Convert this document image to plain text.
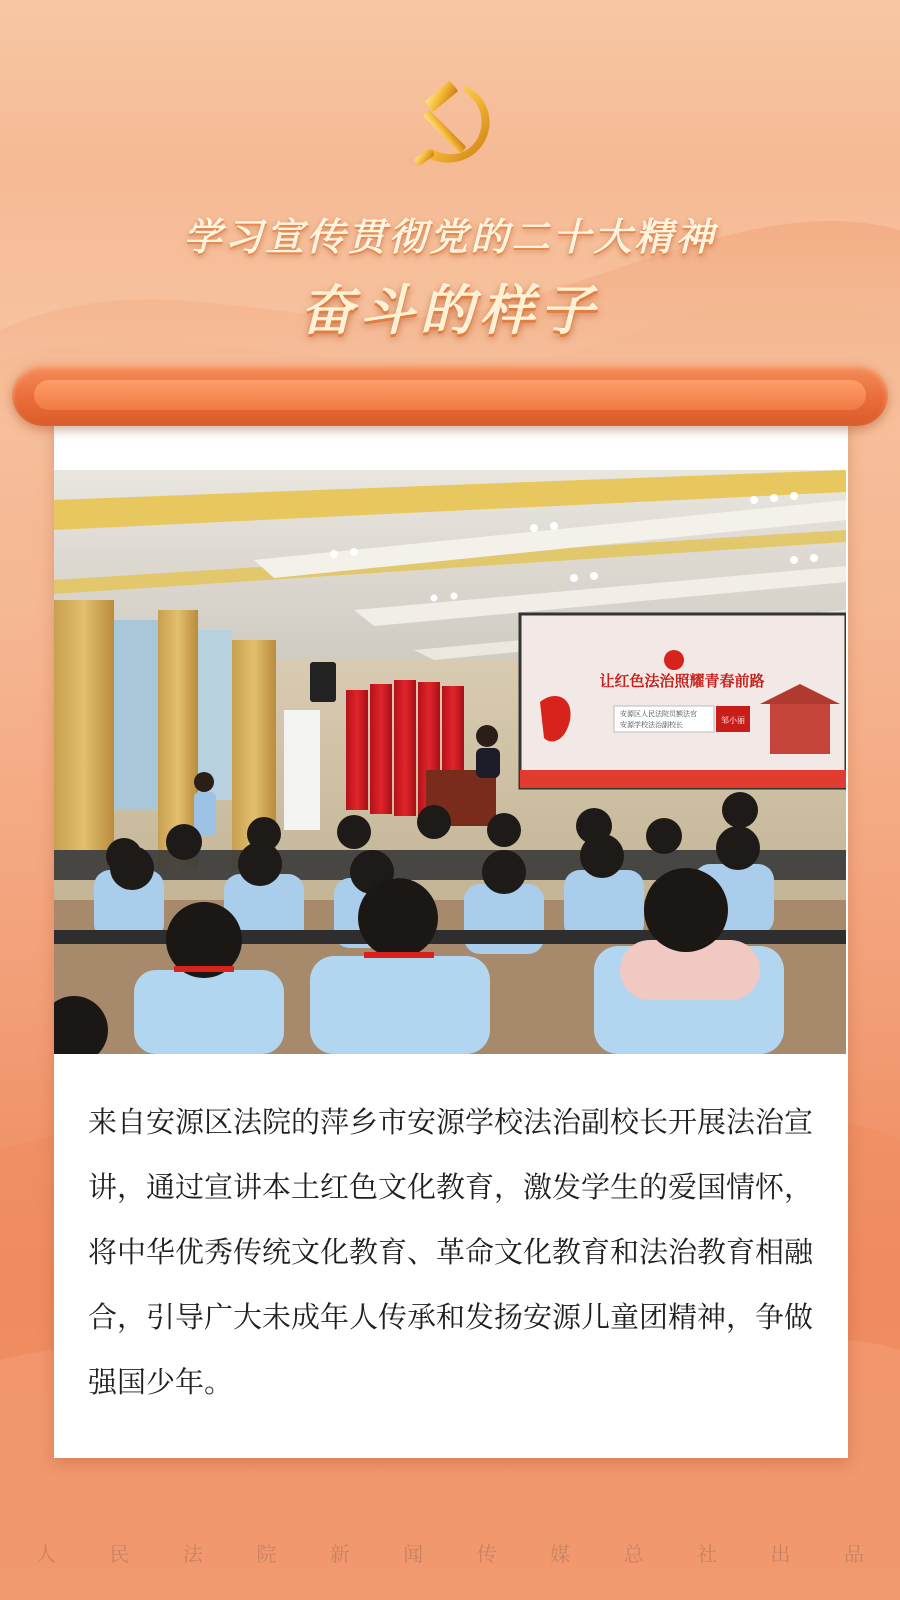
学习宣传贯彻党的二十大精神
奋斗的样子
让红色法治照耀青春前路
安源区人民法院员额法官
安源学校法治副校长	邹小丽

来自安源区法院的萍乡市安源学校法治副校长开展法治宣讲，通过宣讲本土红色文化教育，激发学生的爱国情怀，将中华优秀传统文化教育、革命文化教育和法治教育相融合，引导广大未成年人传承和发扬安源儿童团精神，争做强国少年。

人	民	法	院	新	闻	传	媒	总	社	出	品
